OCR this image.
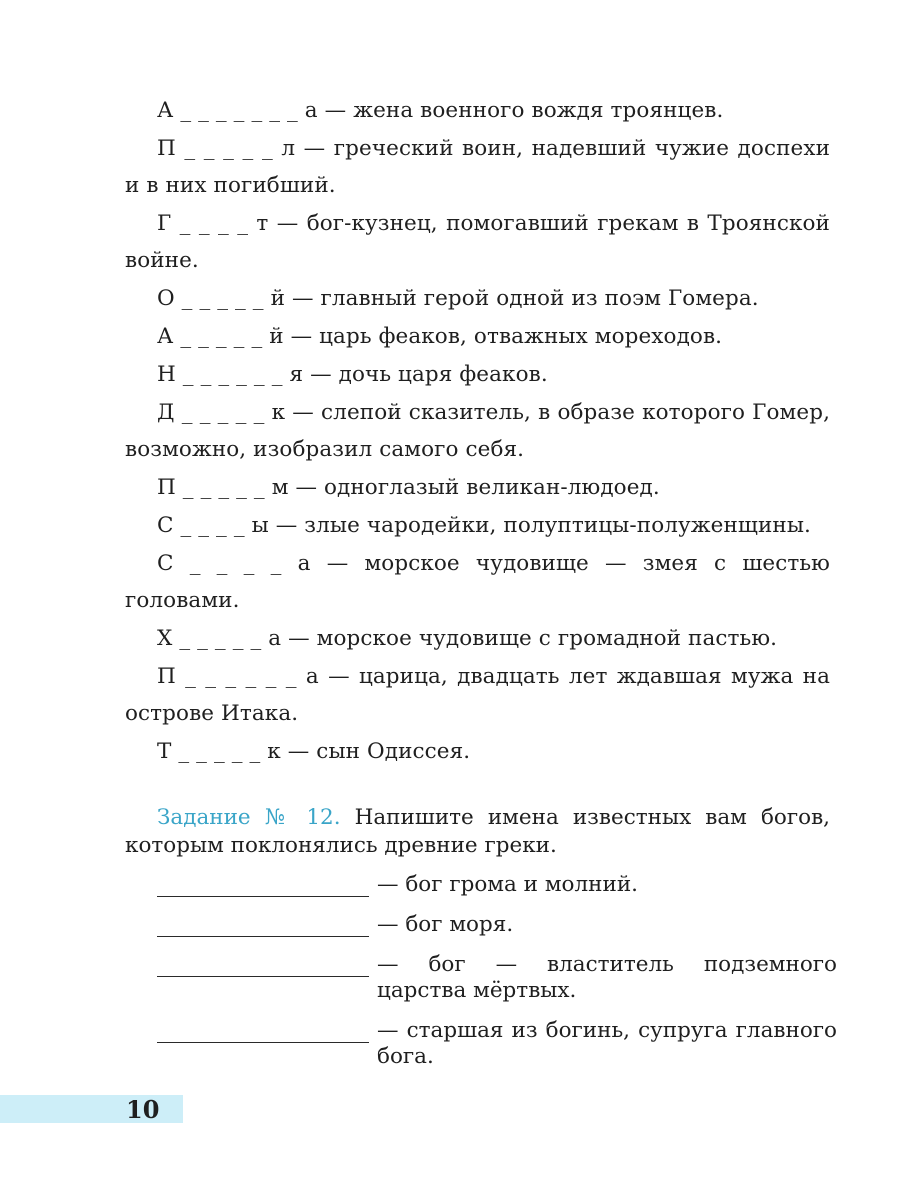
А _ _ _ _ _ _ _ а — жена военного вождя троянцев.

П _ _ _ _ _ л — греческий воин, надевший чужие доспехи и в них погибший.

Г _ _ _ _ т — бог-кузнец, помогавший грекам в Троянской войне.

О _ _ _ _ _ й — главный герой одной из поэм Гомера.

А _ _ _ _ _ й — царь феаков, отважных мореходов.

Н _ _ _ _ _ _ я — дочь царя феаков.

Д _ _ _ _ _ к — слепой сказитель, в образе которого Гомер, возможно, изобразил самого себя.

П _ _ _ _ _ м — одноглазый великан-людоед.

С _ _ _ _ ы — злые чародейки, полуптицы-полуженщины.

С _ _ _ _ а — морское чудовище — змея с шестью головами.

Х _ _ _ _ _ а — морское чудовище с громадной пастью.

П _ _ _ _ _ _ а — царица, двадцать лет ждавшая мужа на острове Итака.

Т _ _ _ _ _ к — сын Одиссея.

Задание № 12. Напишите имена известных вам богов, которым поклонялись древние греки.
— бог грома и молний.
— бог моря.
— бог — властитель подземного царства мёртвых.
— старшая из богинь, супруга главного бога.
10
